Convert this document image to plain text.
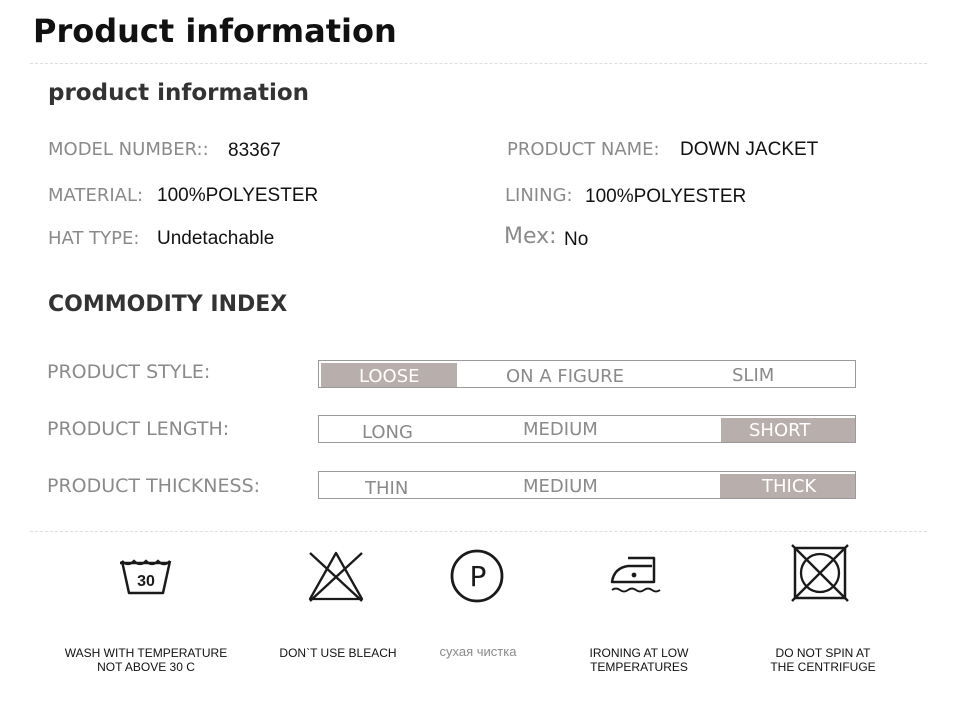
Product information
product information
MODEL NUMBER:: 83367	PRODUCT NAME: DOWN JACKET
MATERIAL: 100%POLYESTER	LINING: 100%POLYESTER
HAT TYPE: Undetachable	Mex: No
COMMODITY INDEX
PRODUCT STYLE:	LOOSE	ON A FIGURE	SLIM
PRODUCT LENGTH:	LONG	MEDIUM	SHORT
PRODUCT THICKNESS:	THIN	MEDIUM	THICK
30	P
WASH WITH TEMPERATURE
NOT ABOVE 30 C
DON`T USE BLEACH	сухая чистка	IRONING AT LOW
TEMPERATURES
DO NOT SPIN AT
THE CENTRIFUGE
